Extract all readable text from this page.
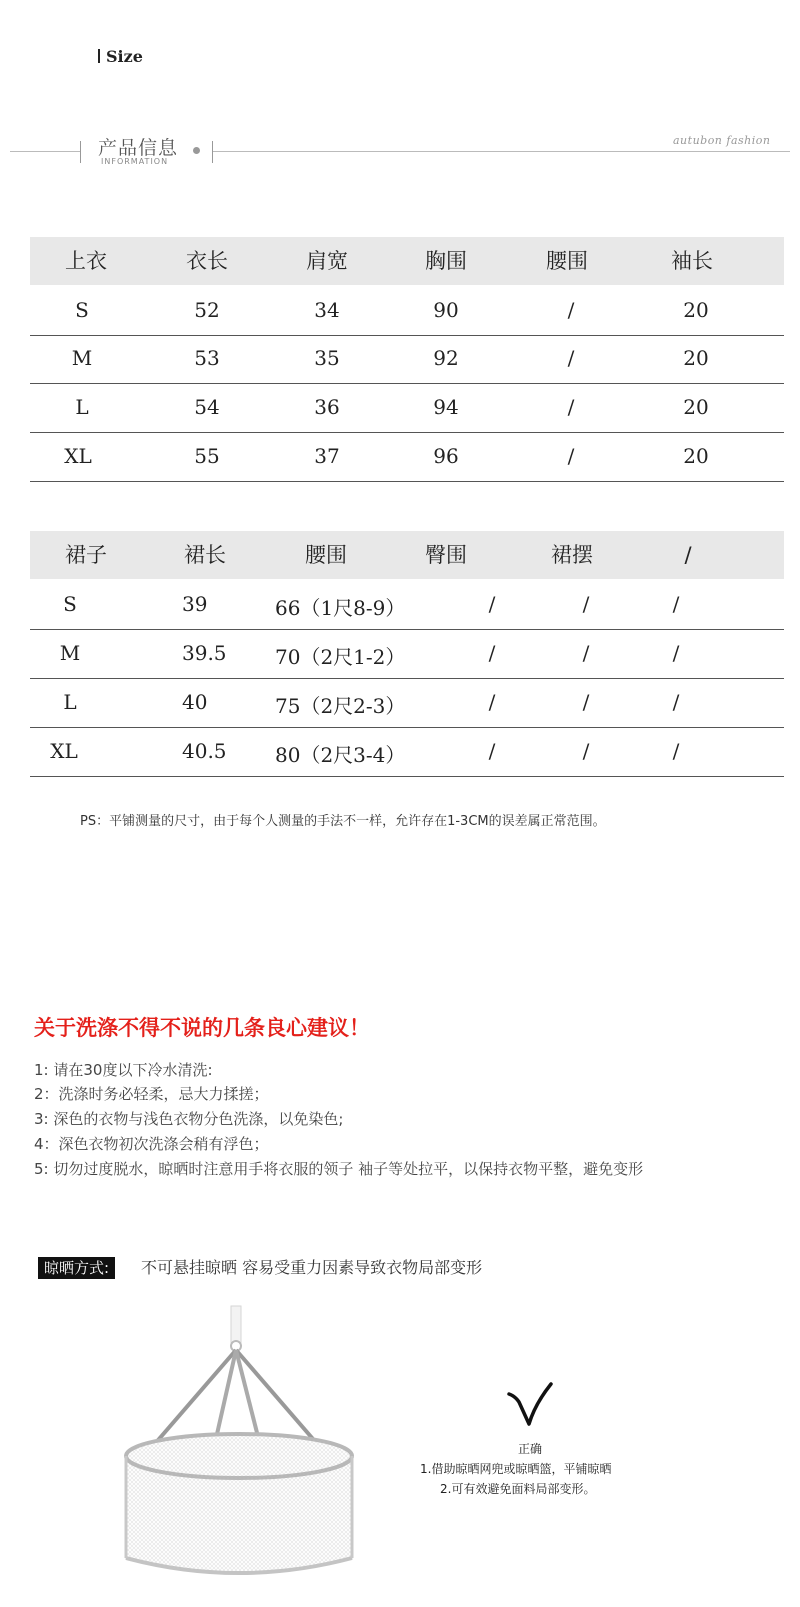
Size
产品信息
INFORMATION
autubon fashion
上衣	衣长	肩宽	胸围	腰围	袖长
S	52	34	90	/	20
M	53	35	92	/	20
L	54	36	94	/	20
XL	55	37	96	/	20
裙子	裙长	腰围	臀围	裙摆	/
S	39	66（1尺8-9）	/	/	/
M	39.5 70（2尺1-2）	/	/	/
L	40	75（2尺2-3）	/	/	/
XL	40.5 80（2尺3-4）	/	/	/
PS：平铺测量的尺寸，由于每个人测量的手法不一样，允许存在1-3CM的误差属正常范围。
关于洗涤不得不说的几条良心建议！
1: 请在30度以下冷水清洗:
2：洗涤时务必轻柔，忌大力揉搓；
3: 深色的衣物与浅色衣物分色洗涤，以免染色;
4：深色衣物初次洗涤会稍有浮色；
5: 切勿过度脱水，晾晒时注意用手将衣服的领子 袖子等处拉平，以保持衣物平整，避免变形
晾晒方式:	不可悬挂晾晒 容易受重力因素导致衣物局部变形
正确
1.借助晾晒网兜或晾晒篮，平铺晾晒
2.可有效避免面料局部变形。
